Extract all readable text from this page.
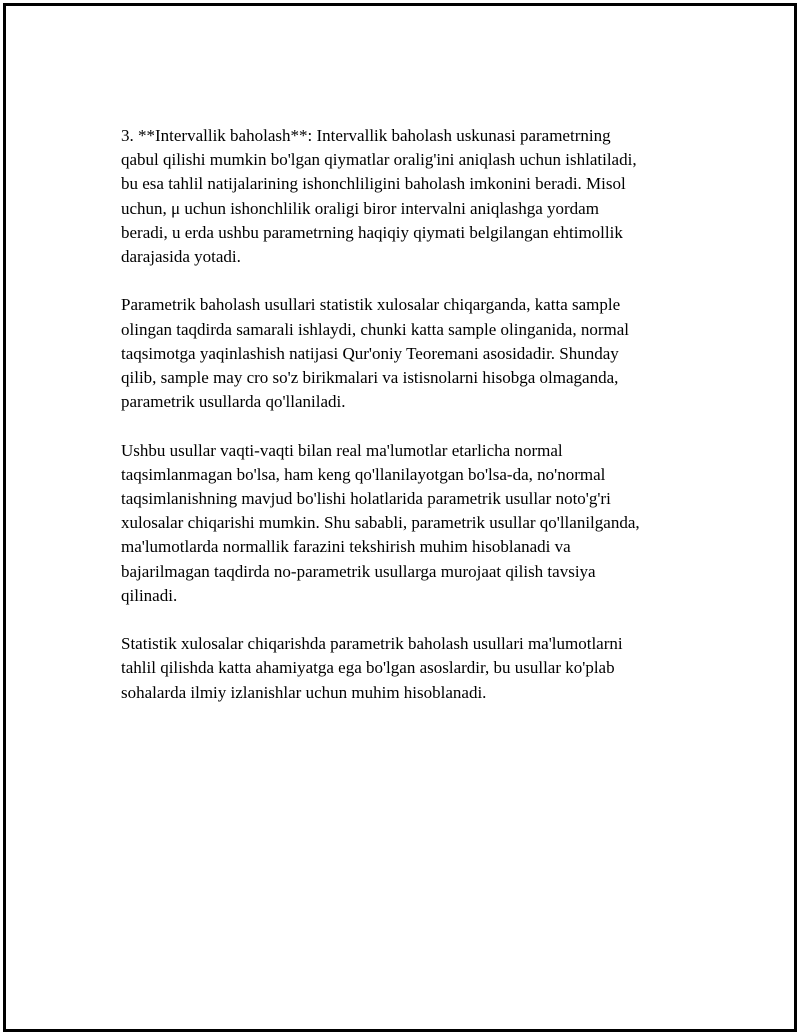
3. **Intervallik baholash**: Intervallik baholash uskunasi parametrning
qabul qilishi mumkin bo'lgan qiymatlar oralig'ini aniqlash uchun ishlatiladi,
bu esa tahlil natijalarining ishonchliligini baholash imkonini beradi. Misol
uchun, μ uchun ishonchlilik oraligi biror intervalni aniqlashga yordam
beradi, u erda ushbu parametrning haqiqiy qiymati belgilangan ehtimollik
darajasida yotadi.

Parametrik baholash usullari statistik xulosalar chiqarganda, katta sample
olingan taqdirda samarali ishlaydi, chunki katta sample olinganida, normal
taqsimotga yaqinlashish natijasi Qur'oniy Teoremani asosidadir. Shunday
qilib, sample may cro so'z birikmalari va istisnolarni hisobga olmaganda,
parametrik usullarda qo'llaniladi.

Ushbu usullar vaqti-vaqti bilan real ma'lumotlar etarlicha normal
taqsimlanmagan bo'lsa, ham keng qo'llanilayotgan bo'lsa-da, no'normal
taqsimlanishning mavjud bo'lishi holatlarida parametrik usullar noto'g'ri
xulosalar chiqarishi mumkin. Shu sababli, parametrik usullar qo'llanilganda,
ma'lumotlarda normallik farazini tekshirish muhim hisoblanadi va
bajarilmagan taqdirda no-parametrik usullarga murojaat qilish tavsiya
qilinadi.

Statistik xulosalar chiqarishda parametrik baholash usullari ma'lumotlarni
tahlil qilishda katta ahamiyatga ega bo'lgan asoslardir, bu usullar ko'plab
sohalarda ilmiy izlanishlar uchun muhim hisoblanadi.
